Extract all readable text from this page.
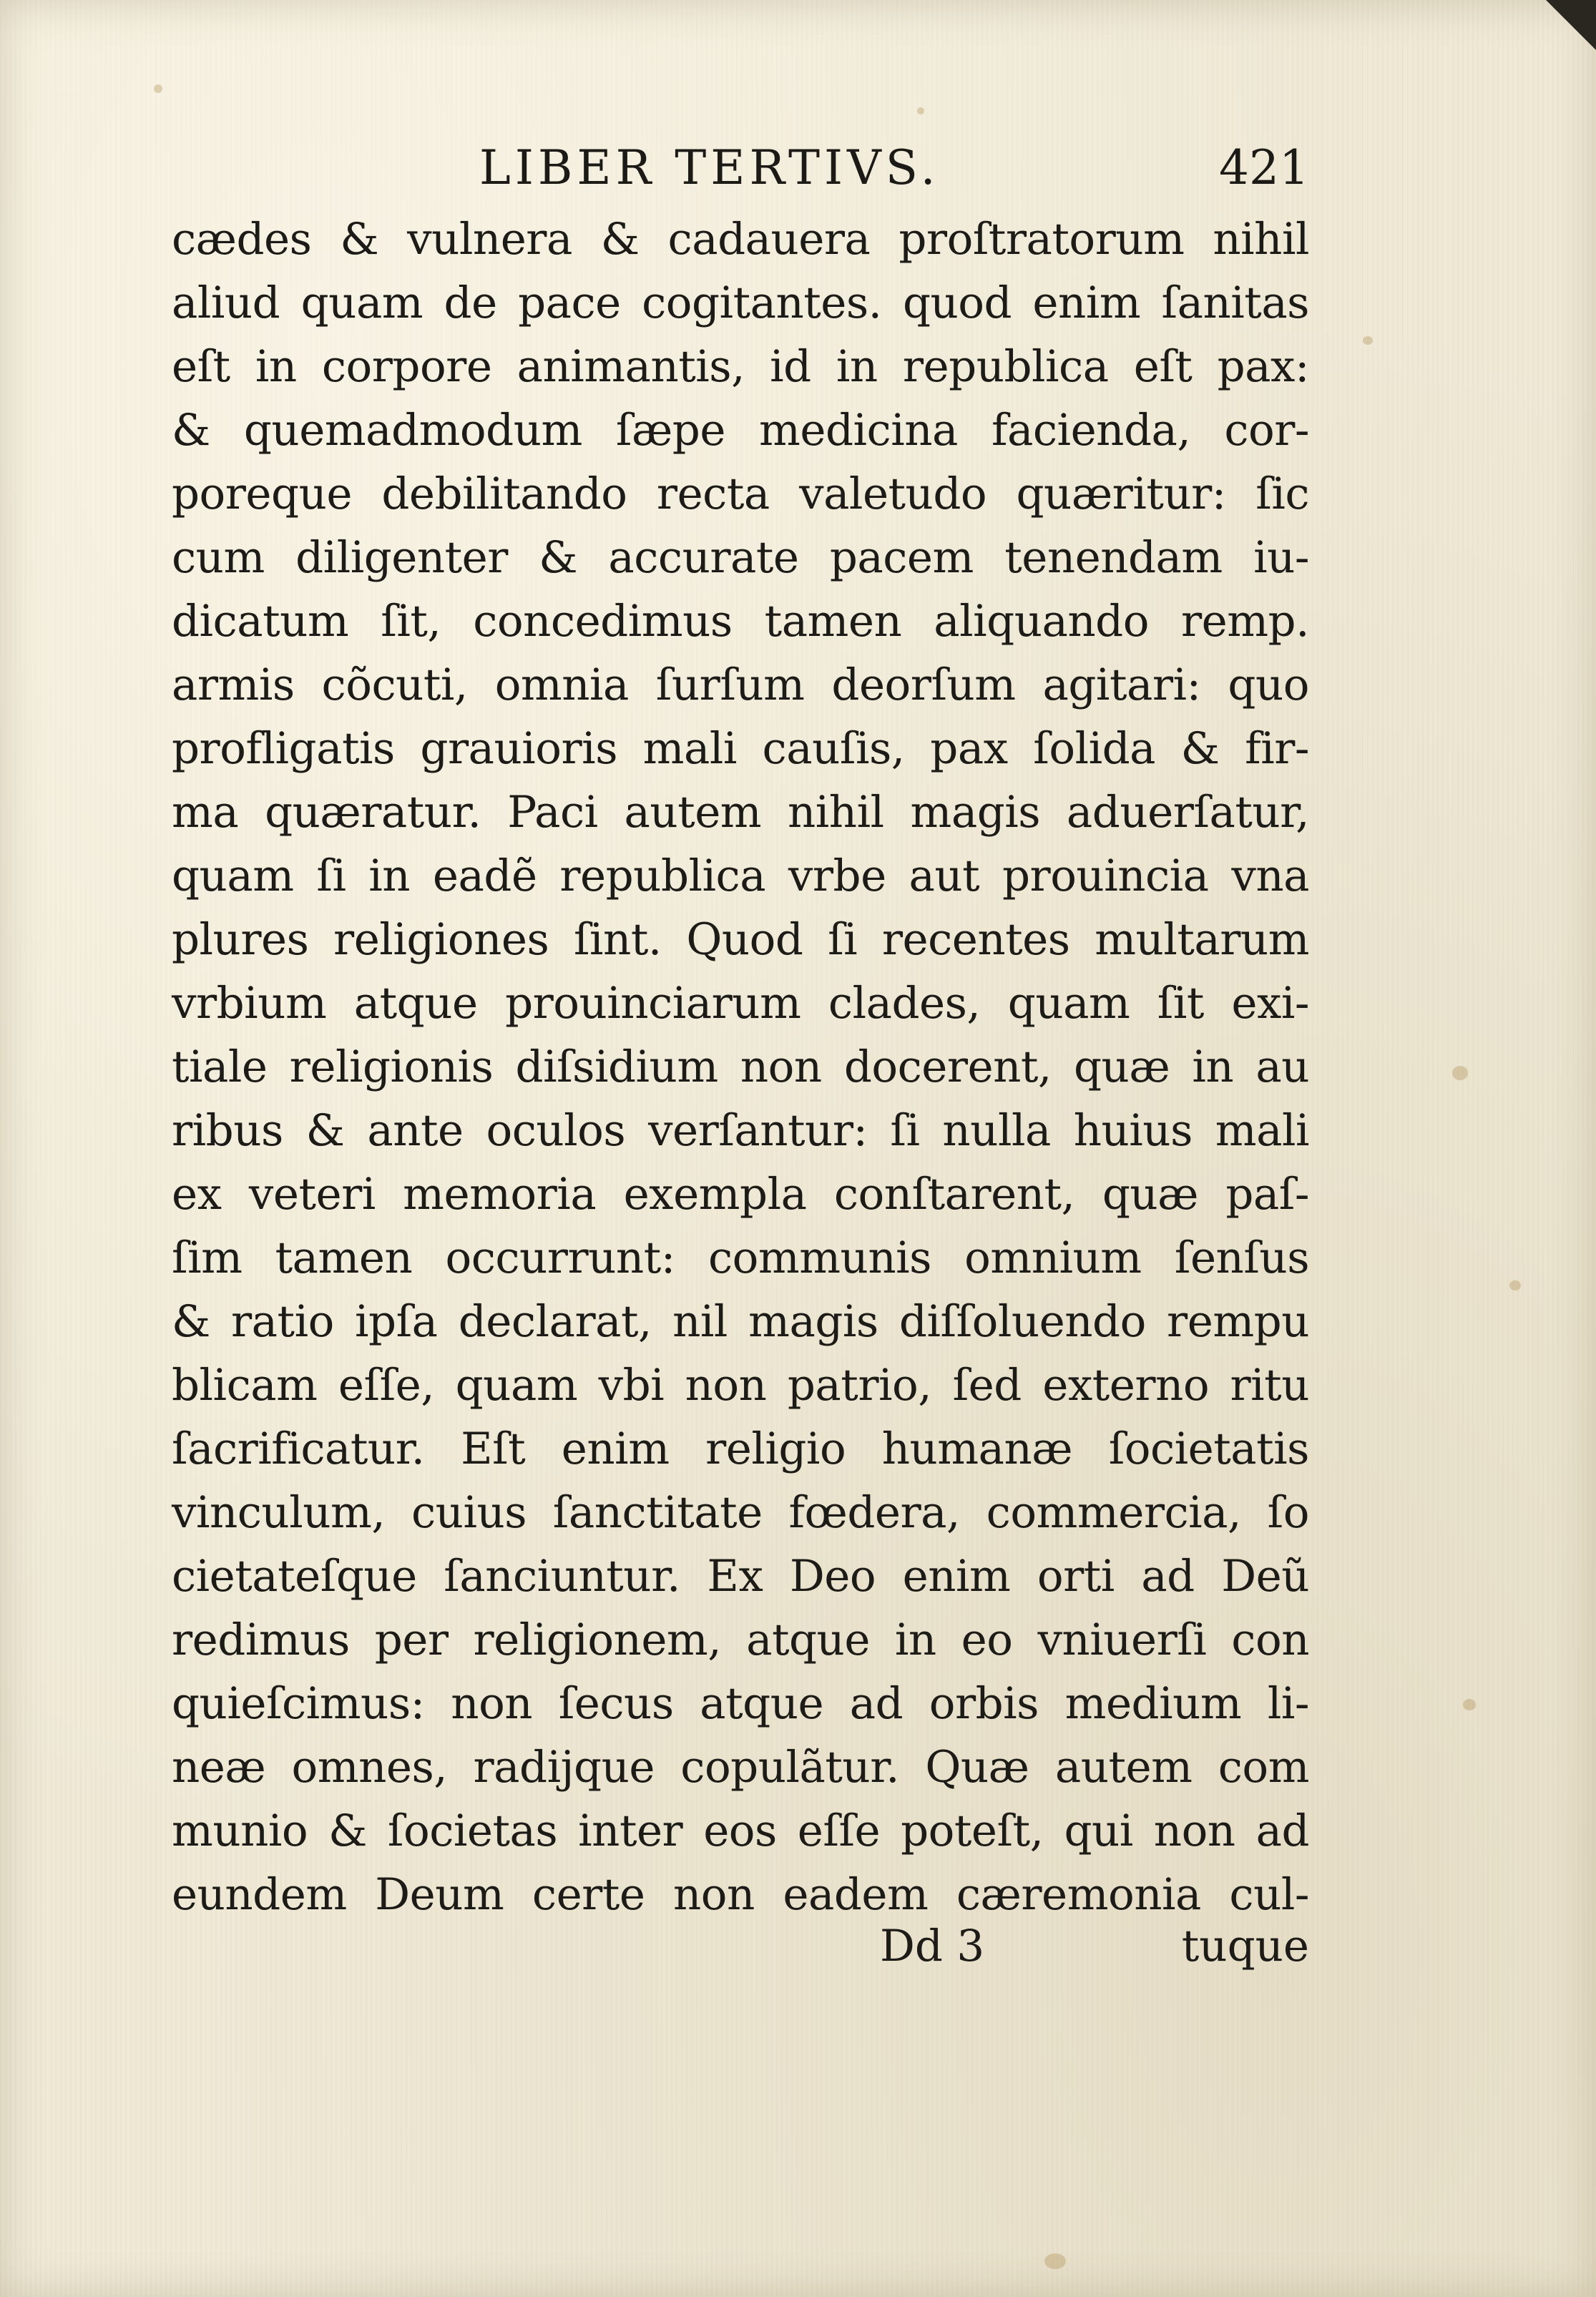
LIBER TERTIVS.	421
cædes & vulnera & cadauera proſtratorum nihil
aliud quam de pace cogitantes. quod enim ſanitas
eſt in corpore animantis, id in republica eſt pax:
& quemadmodum ſæpe medicina facienda, cor-
poreque debilitando recta valetudo quæritur: ſic
cum diligenter & accurate pacem tenendam iu-
dicatum ſit, concedimus tamen aliquando remp.
armis cõcuti, omnia ſurſum deorſum agitari: quo
profligatis grauioris mali cauſis, pax ſolida & fir-
ma quæratur. Paci autem nihil magis aduerſatur,
quam ſi in eadẽ republica vrbe aut prouincia vna
plures religiones ſint. Quod ſi recentes multarum
vrbium atque prouinciarum clades, quam ſit exi-
tiale religionis diſsidium non docerent, quæ in au
ribus & ante oculos verſantur: ſi nulla huius mali
ex veteri memoria exempla conſtarent, quæ paſ-
ſim tamen occurrunt: communis omnium ſenſus
& ratio ipſa declarat, nil magis diſſoluendo rempu
blicam eſſe, quam vbi non patrio, ſed externo ritu
ſacrificatur. Eſt enim religio humanæ ſocietatis
vinculum, cuius ſanctitate fœdera, commercia, ſo
cietateſque ſanciuntur. Ex Deo enim orti ad Deũ
redimus per religionem, atque in eo vniuerſi con
quieſcimus: non ſecus atque ad orbis medium li-
neæ omnes, radijque copulãtur. Quæ autem com
munio & ſocietas inter eos eſſe poteſt, qui non ad
eundem Deum certe non eadem cæremonia cul-
Dd 3	tuque
